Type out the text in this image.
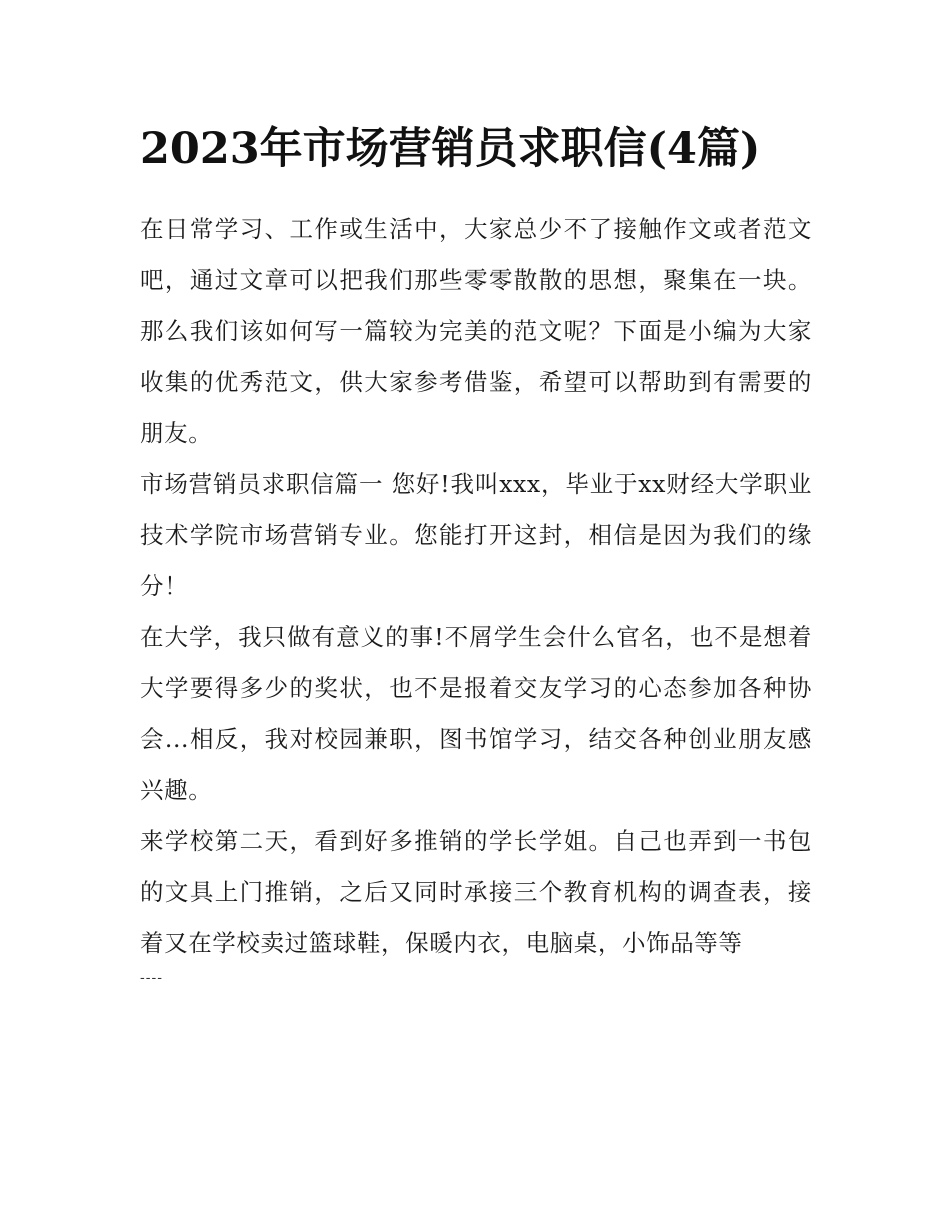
2023年市场营销员求职信(4篇)

在日常学习、工作或生活中，大家总少不了接触作文或者范文吧，通过文章可以把我们那些零零散散的思想，聚集在一块。那么我们该如何写一篇较为完美的范文呢？下面是小编为大家收集的优秀范文，供大家参考借鉴，希望可以帮助到有需要的朋友。

市场营销员求职信篇一 您好!我叫xxx，毕业于xx财经大学职业技术学院市场营销专业。您能打开这封，相信是因为我们的缘分！

在大学，我只做有意义的事!不屑学生会什么官名，也不是想着大学要得多少的奖状，也不是报着交友学习的心态参加各种协会...相反，我对校园兼职，图书馆学习，结交各种创业朋友感兴趣。

来学校第二天，看到好多推销的学长学姐。自己也弄到一书包的文具上门推销，之后又同时承接三个教育机构的调查表，接着又在学校卖过篮球鞋，保暖内衣，电脑桌，小饰品等等

----
